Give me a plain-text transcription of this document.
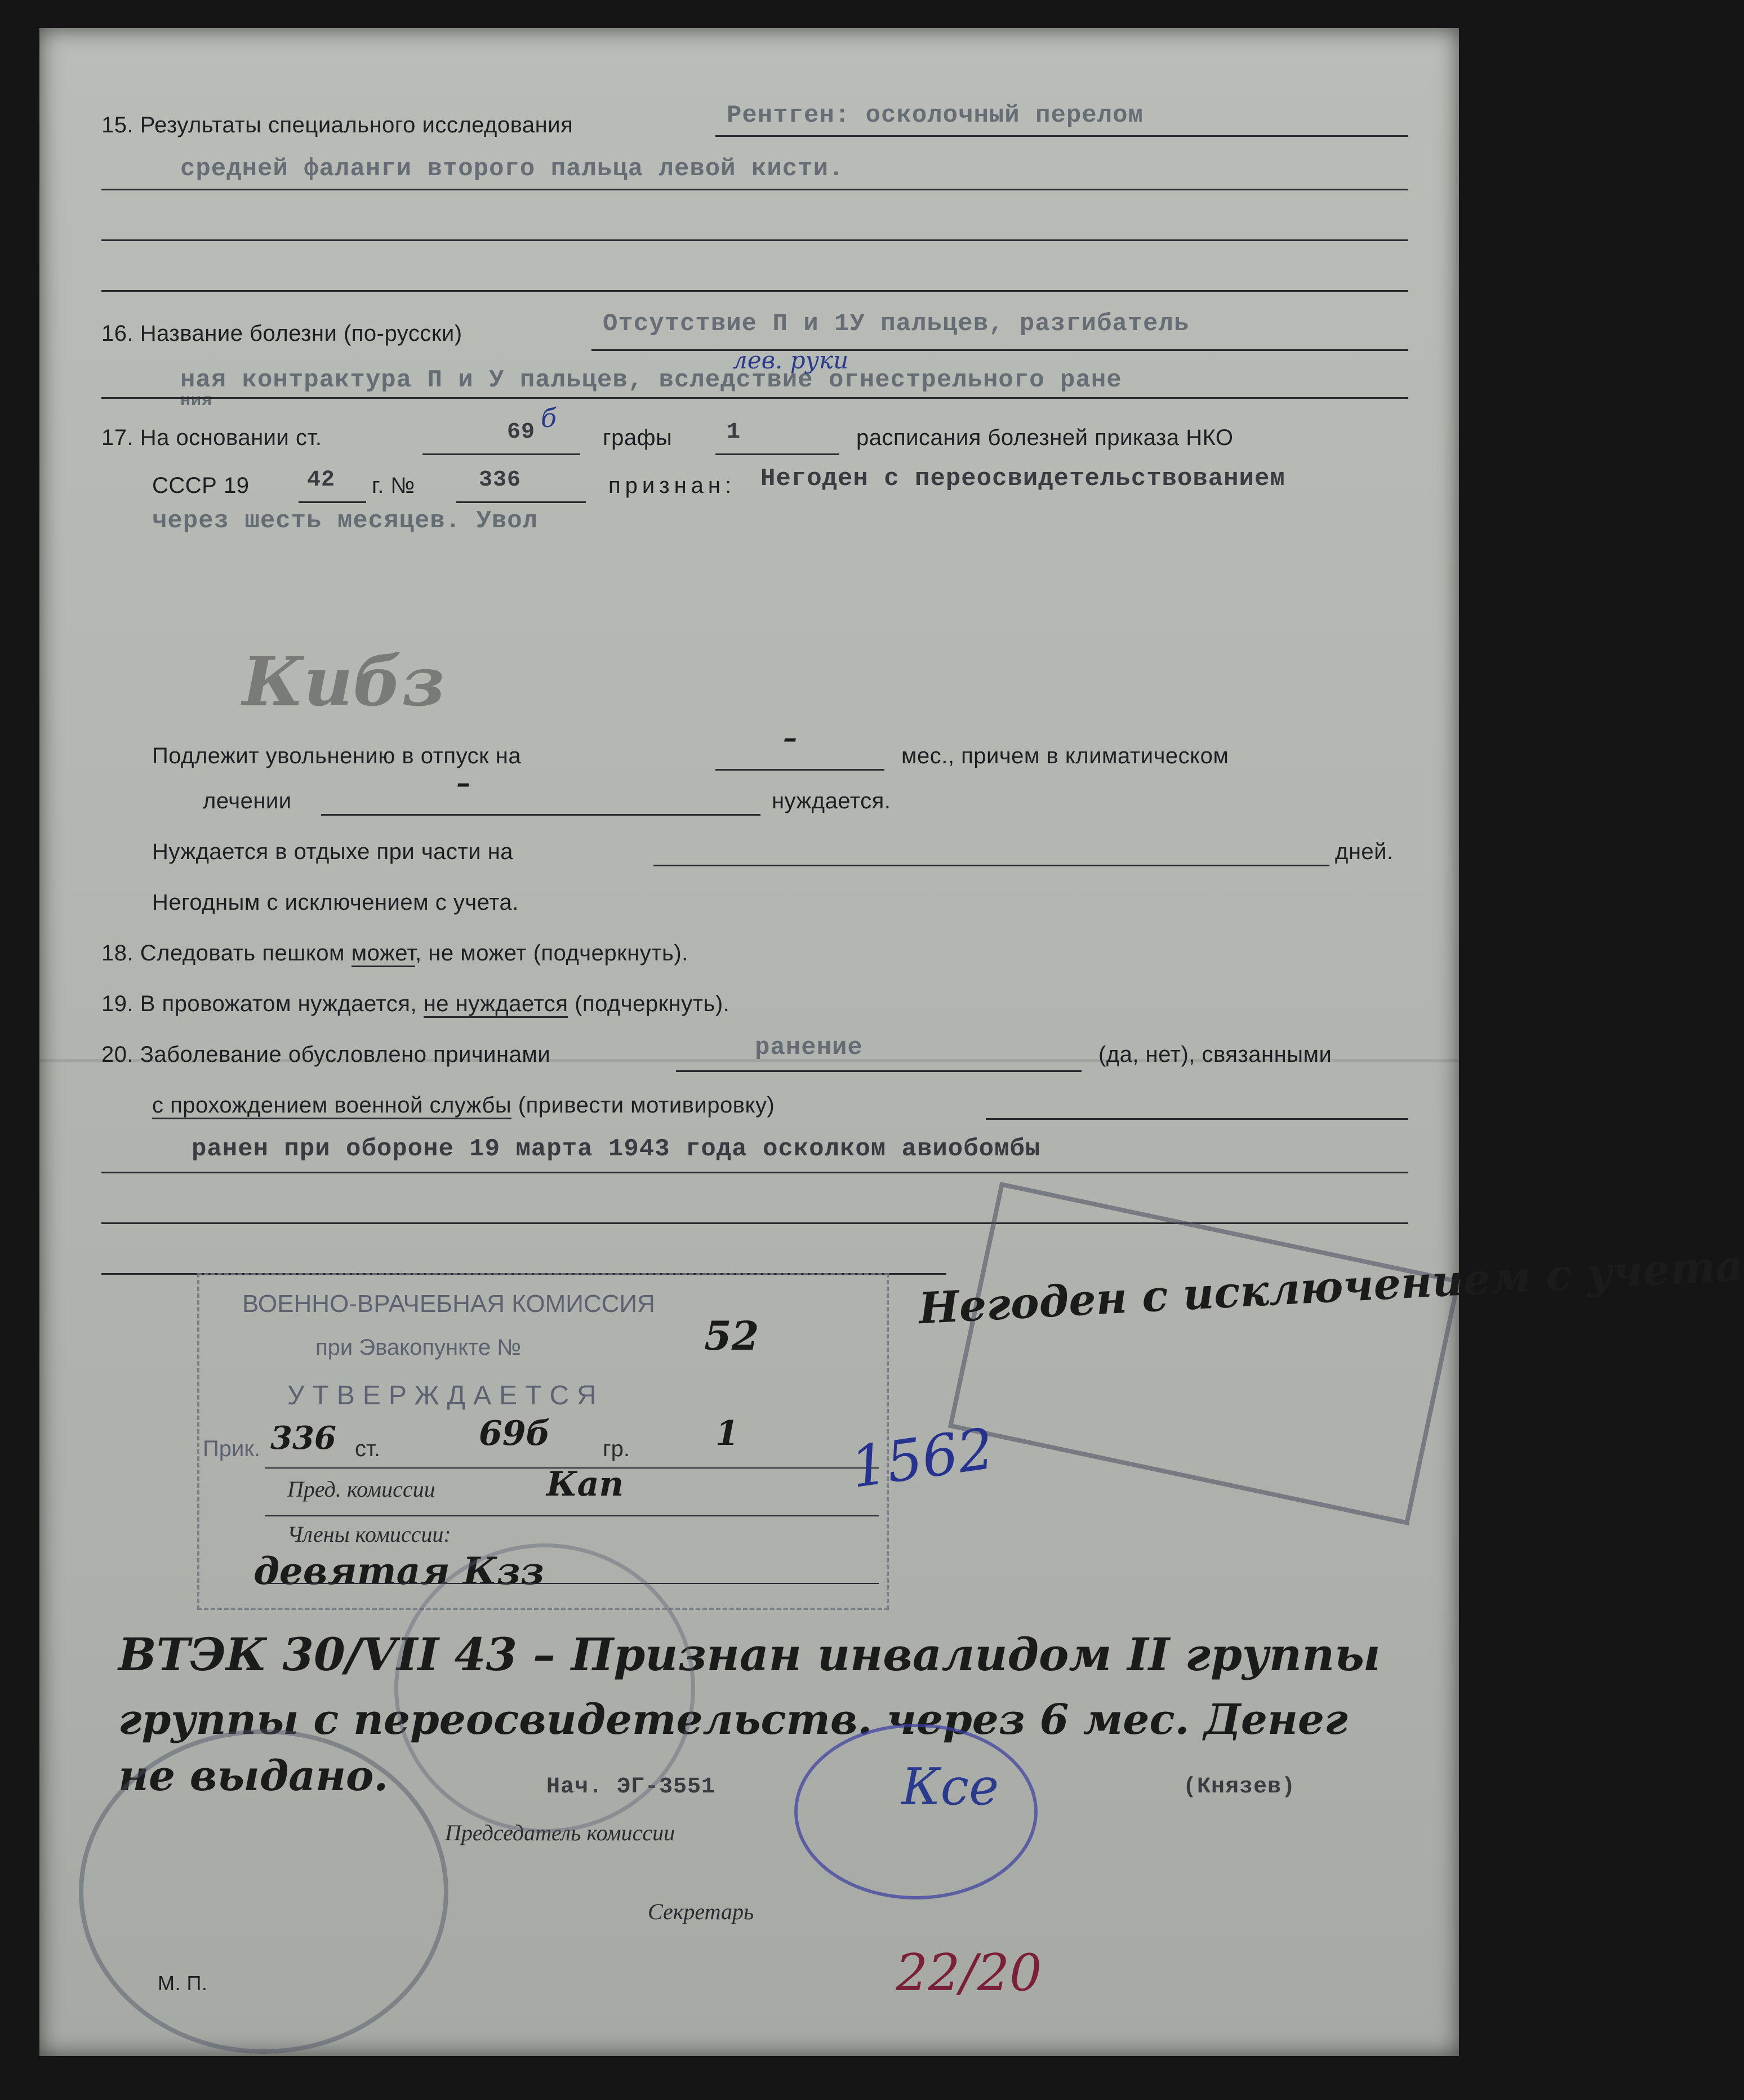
15. Результаты специального исследования	Рентген: осколочный перелом
средней фаланги второго пальца левой кисти.
16. Название болезни (по-русски)	Отсутствие П и 1У пальцев, разгибатель
ная контрактура П и У пальцев, вследствие огнестрельного ране
ния
лев. руки
17. На основании ст.	69 б
графы 1	расписания болезней приказа НКО
СССР 19	42 г. №	336	признан: Негоден с переосвидетельствованием
через шесть месяцев. Увол
Кибз
Подлежит увольнению в отпуск на
–
мес., причем в климатическом
лечении
–
нуждается.
Нуждается в отдыхе при части на	дней.
Негодным с исключением с учета.
18. Следовать пешком может, не может (подчеркнуть).
19. В провожатом нуждается, не нуждается (подчеркнуть).
20. Заболевание обусловлено причинами	ранение	(да, нет), связанными
с прохождением военной службы (привести мотивировку)
ранен при обороне 19 марта 1943 года осколком авиобомбы
ВОЕННО-ВРАЧЕБНАЯ КОМИССИЯ
при Эвакопункте №	52
УТВЕРЖДАЕТСЯ
Прик. 336 ст.	69б гр.	1
Пред. комиссии	Кап
Члены комиссии:
девятая Кзз
Негоден с исключением с учета
1562
ВТЭК 30/VII 43 – Признан инвалидом II группы
группы с переосвидетельств. через 6 мес. Денег
не выдано.	Нач. ЭГ-3551	(Князев)
Ксе
Председатель комиссии
Секретарь
М. П.	22/20
